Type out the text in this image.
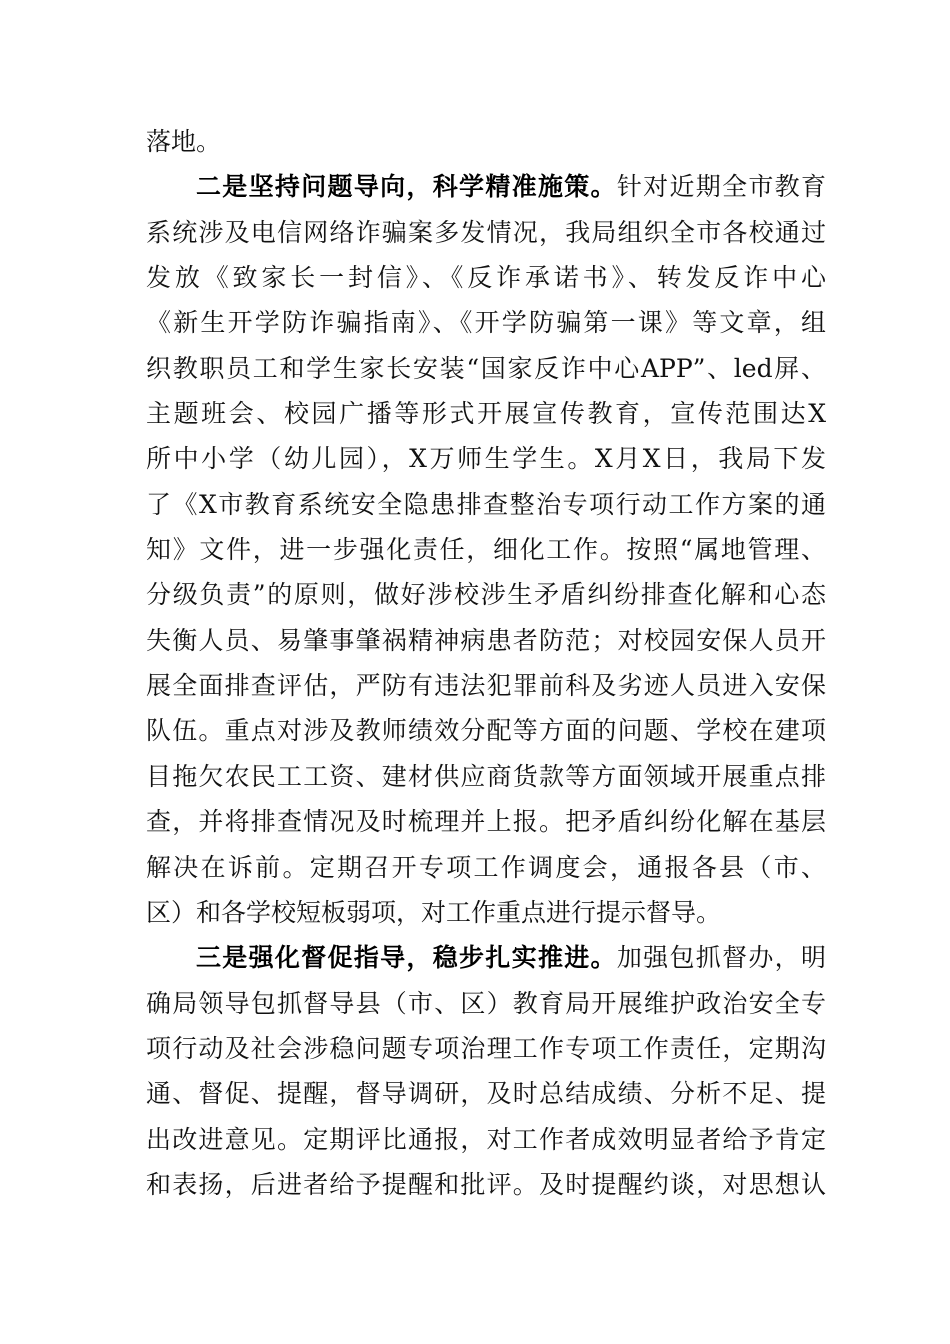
落地。
二是坚持问题导向，科学精准施策。针对近期全市教育
系统涉及电信网络诈骗案多发情况，我局组织全市各校通过
发放《致家长一封信》、《反诈承诺书》、转发反诈中心
《新生开学防诈骗指南》、《开学防骗第一课》等文章，组
织教职员工和学生家长安装“国家反诈中心APP”、led屏、
主题班会、校园广播等形式开展宣传教育，宣传范围达X
所中小学（幼儿园），X万师生学生。X月X日，我局下发
了《X市教育系统安全隐患排查整治专项行动工作方案的通
知》文件，进一步强化责任，细化工作。按照“属地管理、
分级负责”的原则，做好涉校涉生矛盾纠纷排查化解和心态
失衡人员、易肇事肇祸精神病患者防范；对校园安保人员开
展全面排查评估，严防有违法犯罪前科及劣迹人员进入安保
队伍。重点对涉及教师绩效分配等方面的问题、学校在建项
目拖欠农民工工资、建材供应商货款等方面领域开展重点排
查，并将排查情况及时梳理并上报。把矛盾纠纷化解在基层
解决在诉前。定期召开专项工作调度会，通报各县（市、
区）和各学校短板弱项，对工作重点进行提示督导。
三是强化督促指导，稳步扎实推进。加强包抓督办，明
确局领导包抓督导县（市、区）教育局开展维护政治安全专
项行动及社会涉稳问题专项治理工作专项工作责任，定期沟
通、督促、提醒，督导调研，及时总结成绩、分析不足、提
出改进意见。定期评比通报，对工作者成效明显者给予肯定
和表扬，后进者给予提醒和批评。及时提醒约谈，对思想认
